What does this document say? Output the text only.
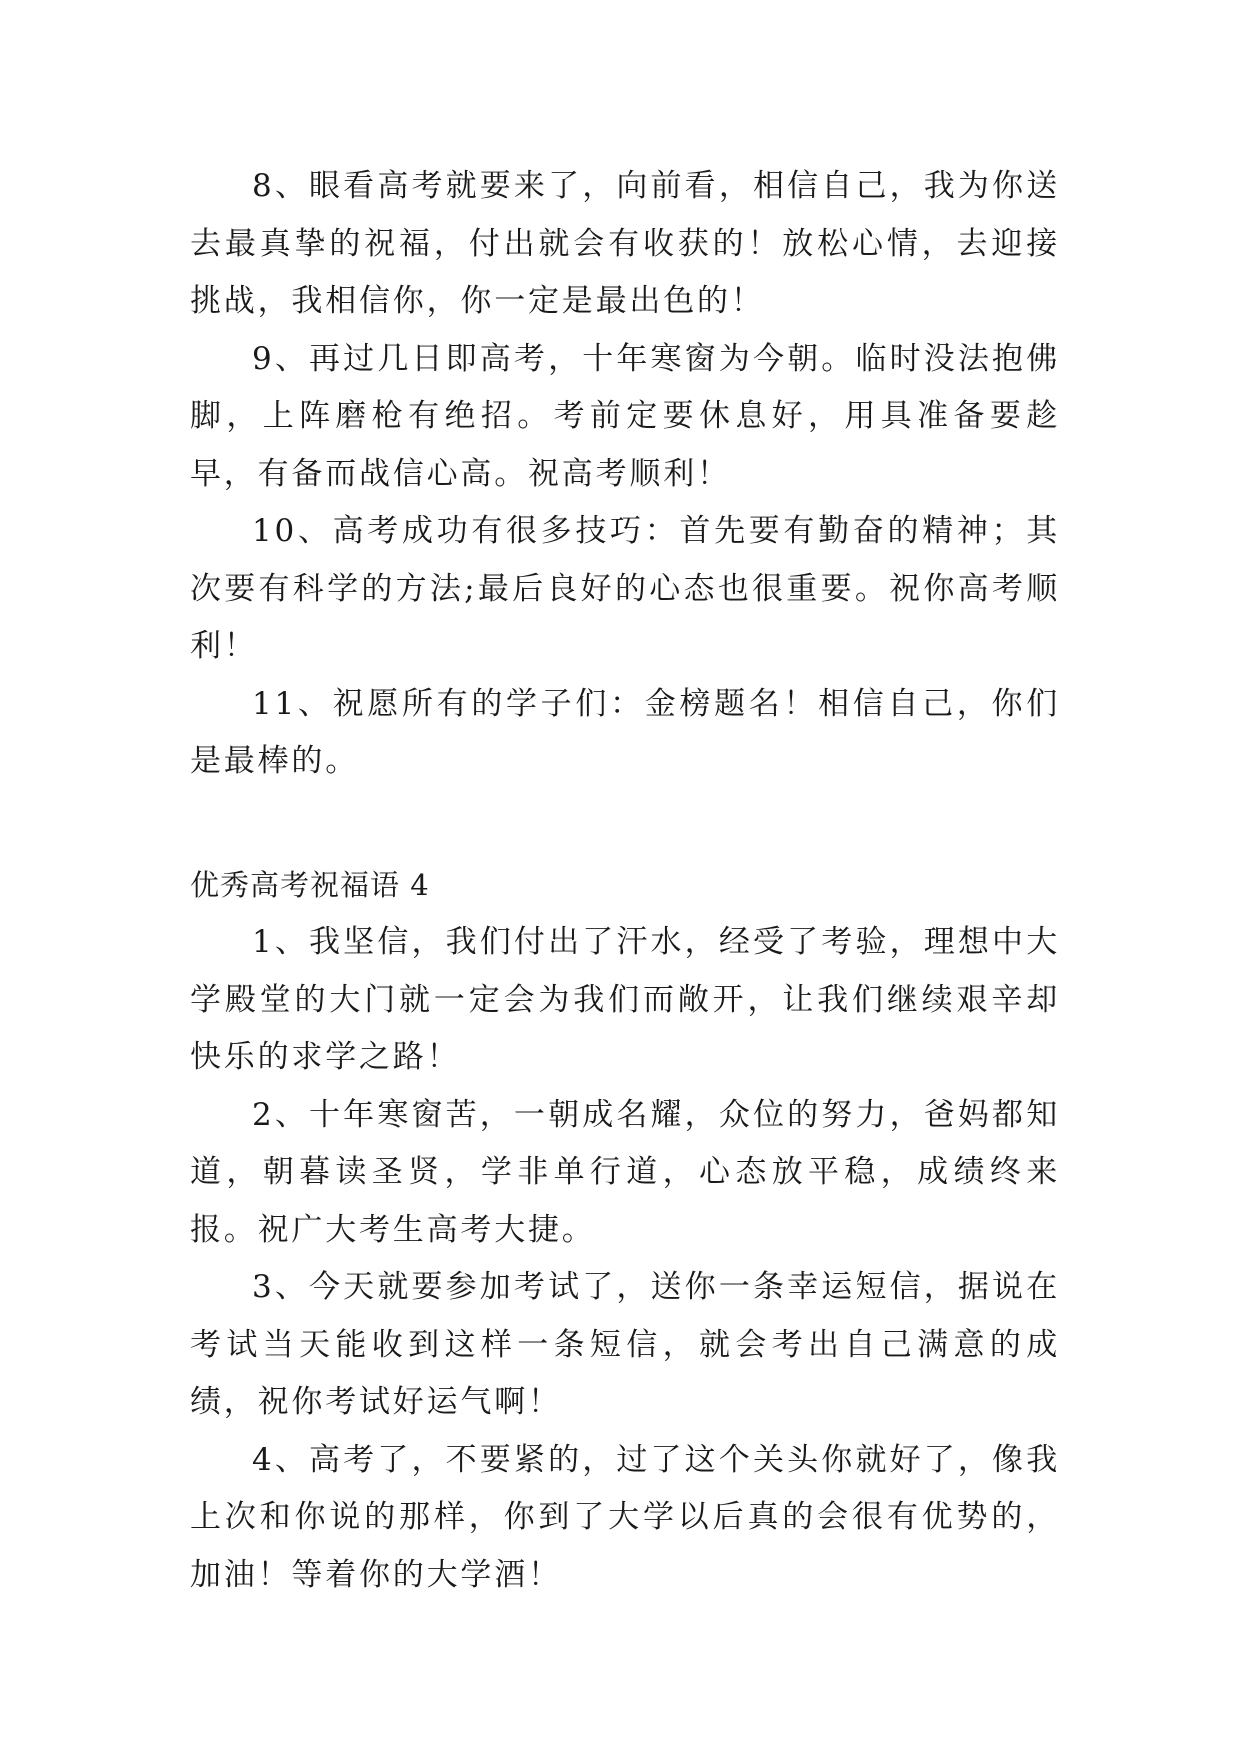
8、眼看高考就要来了，向前看，相信自己，我为你送去最真挚的祝福，付出就会有收获的！放松心情，去迎接挑战，我相信你，你一定是最出色的！

9、再过几日即高考，十年寒窗为今朝。临时没法抱佛脚，上阵磨枪有绝招。考前定要休息好，用具准备要趁早，有备而战信心高。祝高考顺利！

10、高考成功有很多技巧：首先要有勤奋的精神；其次要有科学的方法;最后良好的心态也很重要。祝你高考顺利！

11、祝愿所有的学子们：金榜题名！相信自己，你们是最棒的。

优秀高考祝福语 4

1、我坚信，我们付出了汗水，经受了考验，理想中大学殿堂的大门就一定会为我们而敞开，让我们继续艰辛却快乐的求学之路！

2、十年寒窗苦，一朝成名耀，众位的努力，爸妈都知道，朝暮读圣贤，学非单行道，心态放平稳，成绩终来报。祝广大考生高考大捷。

3、今天就要参加考试了，送你一条幸运短信，据说在考试当天能收到这样一条短信，就会考出自己满意的成绩，祝你考试好运气啊！

4、高考了，不要紧的，过了这个关头你就好了，像我上次和你说的那样，你到了大学以后真的会很有优势的，加油！等着你的大学酒！
